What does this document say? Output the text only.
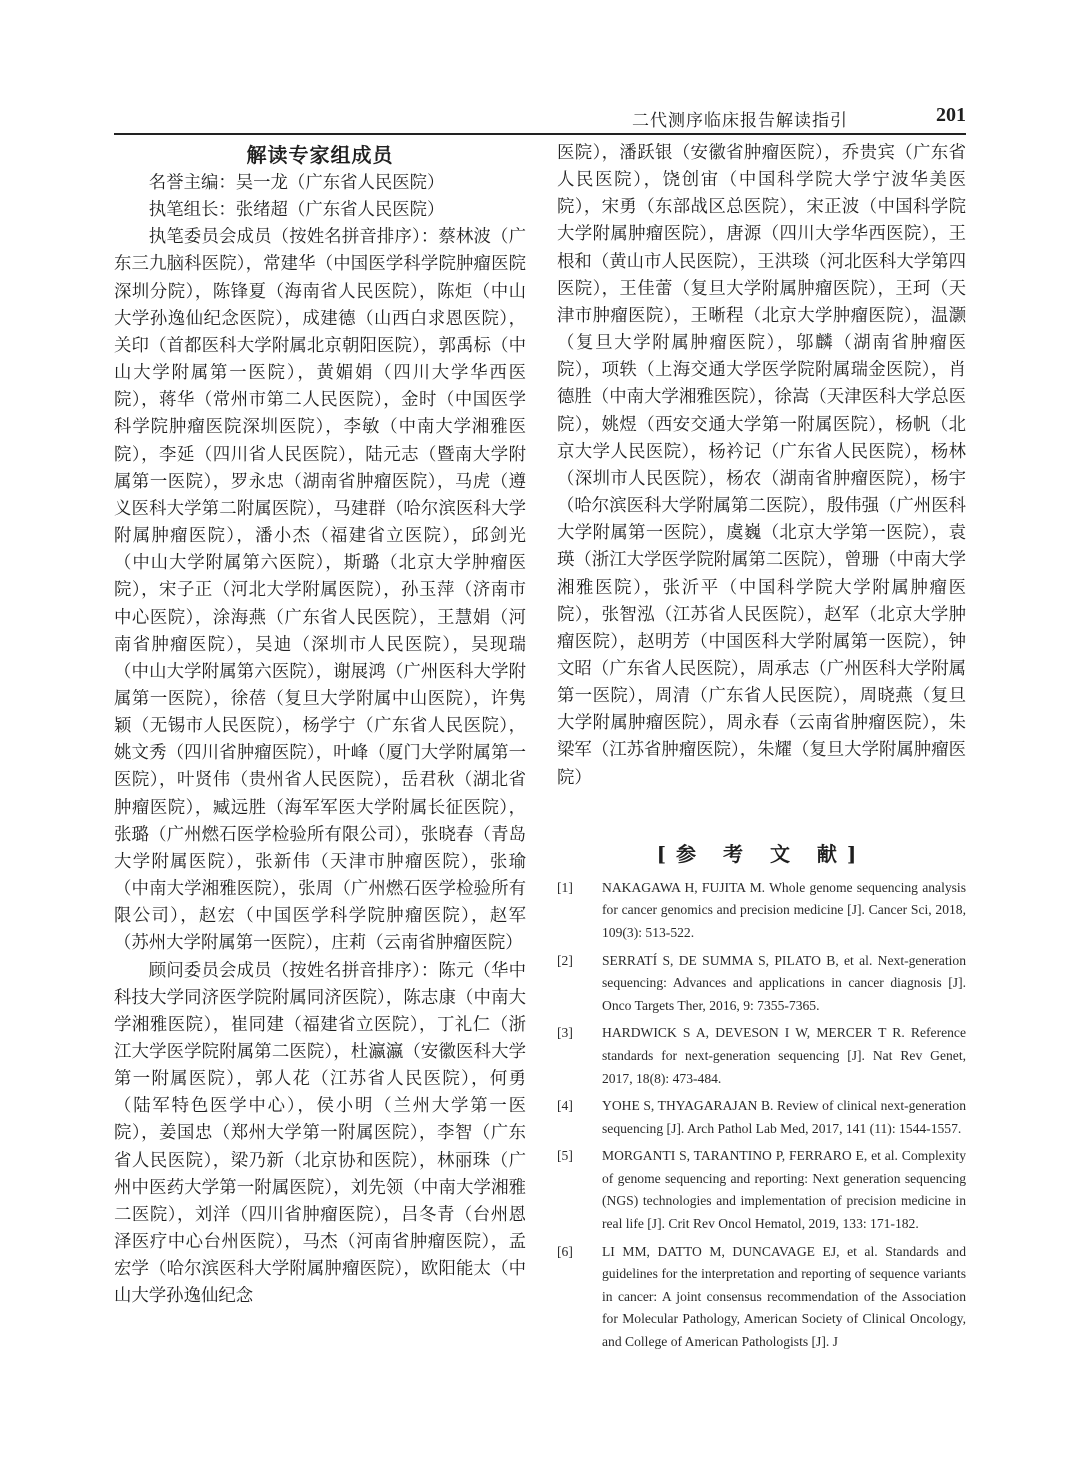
二代测序临床报告解读指引	201
解读专家组成员

名誉主编：吴一龙（广东省人民医院）

执笔组长：张绪超（广东省人民医院）

执笔委员会成员（按姓名拼音排序）：蔡林波（广东三九脑科医院），常建华（中国医学科学院肿瘤医院深圳分院），陈锋夏（海南省人民医院），陈炬（中山大学孙逸仙纪念医院），成建德（山西白求恩医院），关印（首都医科大学附属北京朝阳医院），郭禹标（中山大学附属第一医院），黄媚娟（四川大学华西医院），蒋华（常州市第二人民医院），金时（中国医学科学院肿瘤医院深圳医院），李敏（中南大学湘雅医院），李延（四川省人民医院），陆元志（暨南大学附属第一医院），罗永忠（湖南省肿瘤医院），马虎（遵义医科大学第二附属医院），马建群（哈尔滨医科大学附属肿瘤医院），潘小杰（福建省立医院），邱剑光（中山大学附属第六医院），斯璐（北京大学肿瘤医院），宋子正（河北大学附属医院），孙玉萍（济南市中心医院），涂海燕（广东省人民医院），王慧娟（河南省肿瘤医院），吴迪（深圳市人民医院），吴现瑞（中山大学附属第六医院），谢展鸿（广州医科大学附属第一医院），徐蓓（复旦大学附属中山医院），许隽颖（无锡市人民医院），杨学宁（广东省人民医院），姚文秀（四川省肿瘤医院），叶峰（厦门大学附属第一医院），叶贤伟（贵州省人民医院），岳君秋（湖北省肿瘤医院），臧远胜（海军军医大学附属长征医院），张璐（广州燃石医学检验所有限公司），张晓春（青岛大学附属医院），张新伟（天津市肿瘤医院），张瑜（中南大学湘雅医院），张周（广州燃石医学检验所有限公司），赵宏（中国医学科学院肿瘤医院），赵军（苏州大学附属第一医院），庄莉（云南省肿瘤医院）

顾问委员会成员（按姓名拼音排序）：陈元（华中科技大学同济医学院附属同济医院），陈志康（中南大学湘雅医院），崔同建（福建省立医院），丁礼仁（浙江大学医学院附属第二医院），杜瀛瀛（安徽医科大学第一附属医院），郭人花（江苏省人民医院），何勇（陆军特色医学中心），侯小明（兰州大学第一医院），姜国忠（郑州大学第一附属医院），李智（广东省人民医院），梁乃新（北京协和医院），林丽珠（广州中医药大学第一附属医院），刘先领（中南大学湘雅二医院），刘洋（四川省肿瘤医院），吕冬青（台州恩泽医疗中心台州医院），马杰（河南省肿瘤医院），孟宏学（哈尔滨医科大学附属肿瘤医院），欧阳能太（中山大学孙逸仙纪念

医院），潘跃银（安徽省肿瘤医院），乔贵宾（广东省人民医院），饶创宙（中国科学院大学宁波华美医院），宋勇（东部战区总医院），宋正波（中国科学院大学附属肿瘤医院），唐源（四川大学华西医院），王根和（黄山市人民医院），王洪琰（河北医科大学第四医院），王佳蕾（复旦大学附属肿瘤医院），王珂（天津市肿瘤医院），王晰程（北京大学肿瘤医院），温灏（复旦大学附属肿瘤医院），邬麟（湖南省肿瘤医院），项轶（上海交通大学医学院附属瑞金医院），肖德胜（中南大学湘雅医院），徐嵩（天津医科大学总医院），姚煜（西安交通大学第一附属医院），杨帆（北京大学人民医院），杨衿记（广东省人民医院），杨林（深圳市人民医院），杨农（湖南省肿瘤医院），杨宇（哈尔滨医科大学附属第二医院），殷伟强（广州医科大学附属第一医院），虞巍（北京大学第一医院），袁瑛（浙江大学医学院附属第二医院），曾珊（中南大学湘雅医院），张沂平（中国科学院大学附属肿瘤医院），张智泓（江苏省人民医院），赵军（北京大学肿瘤医院），赵明芳（中国医科大学附属第一医院），钟文昭（广东省人民医院），周承志（广州医科大学附属第一医院），周清（广东省人民医院），周晓燕（复旦大学附属肿瘤医院），周永春（云南省肿瘤医院），朱梁军（江苏省肿瘤医院），朱耀（复旦大学附属肿瘤医院）

[参 考 文 献]
[1] NAKAGAWA H, FUJITA M. Whole genome sequencing analysis for cancer genomics and precision medicine [J]. Cancer Sci, 2018, 109(3): 513-522.
[2] SERRATÍ S, DE SUMMA S, PILATO B, et al. Next-generation sequencing: Advances and applications in cancer diagnosis [J]. Onco Targets Ther, 2016, 9: 7355-7365.
[3] HARDWICK S A, DEVESON I W, MERCER T R. Reference standards for next-generation sequencing [J]. Nat Rev Genet, 2017, 18(8): 473-484.
[4] YOHE S, THYAGARAJAN B. Review of clinical next-generation sequencing [J]. Arch Pathol Lab Med, 2017, 141 (11): 1544-1557.
[5] MORGANTI S, TARANTINO P, FERRARO E, et al. Complexity of genome sequencing and reporting: Next generation sequencing (NGS) technologies and implementation of precision medicine in real life [J]. Crit Rev Oncol Hematol, 2019, 133: 171-182.
[6] LI MM, DATTO M, DUNCAVAGE EJ, et al. Standards and guidelines for the interpretation and reporting of sequence variants in cancer: A joint consensus recommendation of the Association for Molecular Pathology, American Society of Clinical Oncology, and College of American Pathologists [J]. J
